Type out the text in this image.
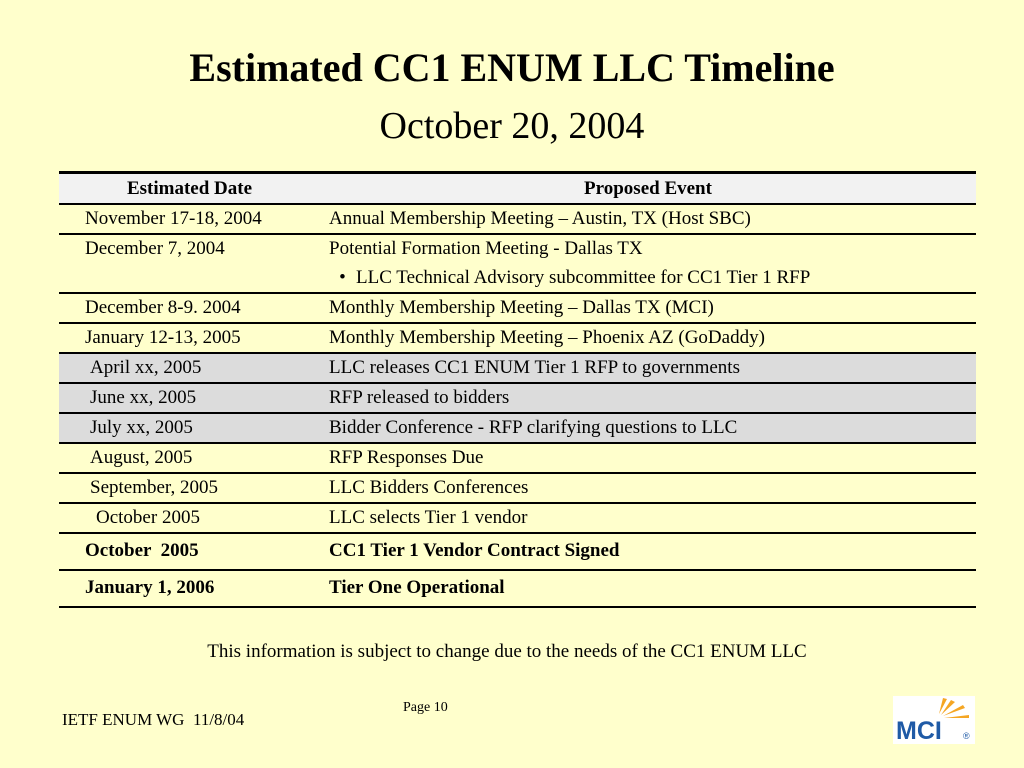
Estimated CC1 ENUM LLC Timeline
October 20, 2004
Estimated Date	Proposed Event
November 17-18, 2004	Annual Membership Meeting – Austin, TX (Host SBC)
December 7, 2004	Potential Formation Meeting - Dallas TX
• LLC Technical Advisory subcommittee for CC1 Tier 1 RFP

December 8-9. 2004	Monthly Membership Meeting – Dallas TX (MCI)
January 12-13, 2005	Monthly Membership Meeting – Phoenix AZ (GoDaddy)
April xx, 2005	LLC releases CC1 ENUM Tier 1 RFP to governments
June xx, 2005	RFP released to bidders
July xx, 2005	Bidder Conference - RFP clarifying questions to LLC
August, 2005	RFP Responses Due
September, 2005	LLC Bidders Conferences
October 2005	LLC selects Tier 1 vendor
October  2005	CC1 Tier 1 Vendor Contract Signed
January 1, 2006	Tier One Operational
This information is subject to change due to the needs of the CC1 ENUM LLC
IETF ENUM WG  11/8/04
Page 10
MCI ®
